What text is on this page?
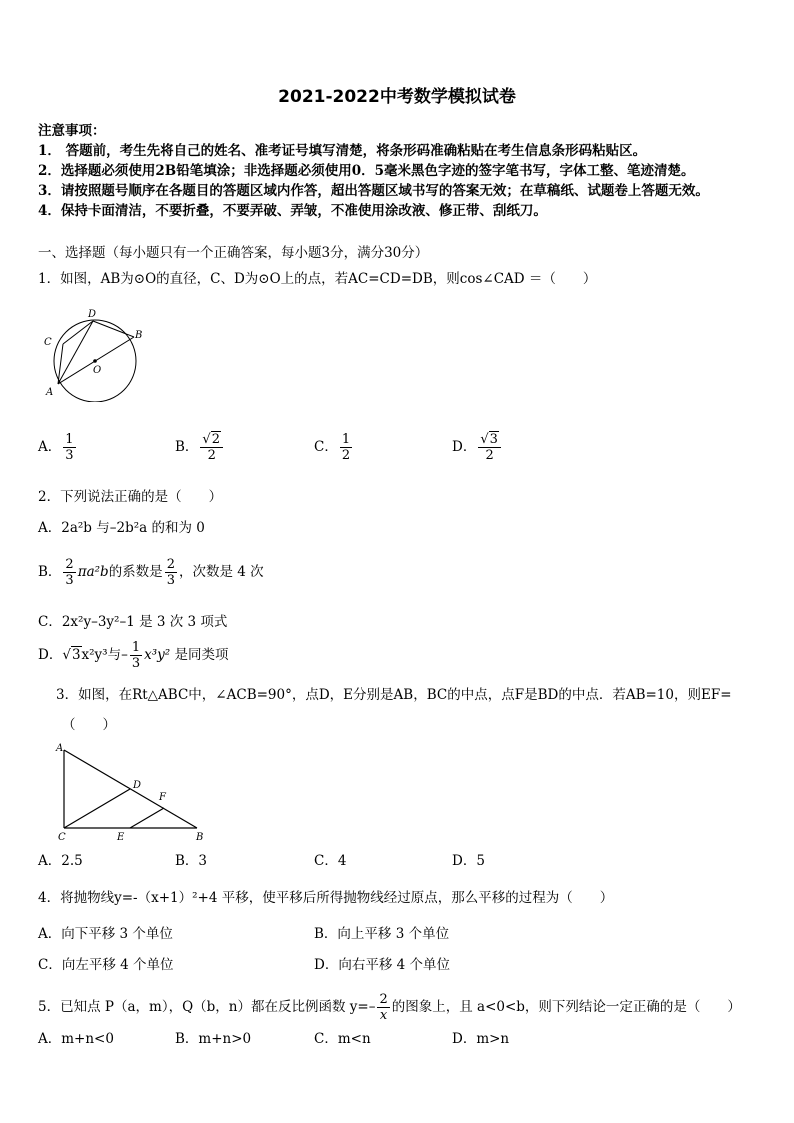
2021-2022中考数学模拟试卷
注意事项：
1． 答题前，考生先将自己的姓名、准考证号填写清楚，将条形码准确粘贴在考生信息条形码粘贴区。
2．选择题必须使用2B铅笔填涂；非选择题必须使用0．5毫米黑色字迹的签字笔书写，字体工整、笔迹清楚。
3．请按照题号顺序在各题目的答题区域内作答，超出答题区域书写的答案无效；在草稿纸、试题卷上答题无效。
4．保持卡面清洁，不要折叠，不要弄破、弄皱，不准使用涂改液、修正带、刮纸刀。
一、选择题（每小题只有一个正确答案，每小题3分，满分30分）
1．如图，AB为⊙O的直径，C、D为⊙O上的点，若AC=CD=DB，则cos∠CAD ＝（　　）
D
B
C
O
A
A． $\frac{1}{3}$	B． $\frac{√2}{2}$	C． $\frac{1}{2}$	D． $\frac{√3}{2}$
2．下列说法正确的是（　　）
A．2a²b 与–2b²a 的和为 0
B． $\frac{2}{3} \pi a^2b$的系数是 $\frac{2}{3}$ ，次数是 4 次
C．2x²y–3y²–1 是 3 次 3 项式
D．√3x²y³与– $\frac{1}{3} x^3y^2$ 是同类项
3．如图，在Rt△ABC中，∠ACB=90°，点D，E分别是AB，BC的中点，点F是BD的中点．若AB=10，则EF=
（　　）
A
D
F
C	E	B
A．2.5	B．3	C．4	D．5
4．将抛物线y=-（x+1）²+4 平移，使平移后所得抛物线经过原点，那么平移的过程为（　　）
A．向下平移 3 个单位	B．向上平移 3 个单位
C．向左平移 4 个单位	D．向右平移 4 个单位
5．已知点 P（a，m），Q（b，n）都在反比例函数 $y=- \frac{2}{x}$ 的图象上，且 a<0<b，则下列结论一定正确的是（　　）
A．m+n<0	B．m+n>0	C．m<n	D．m>n
